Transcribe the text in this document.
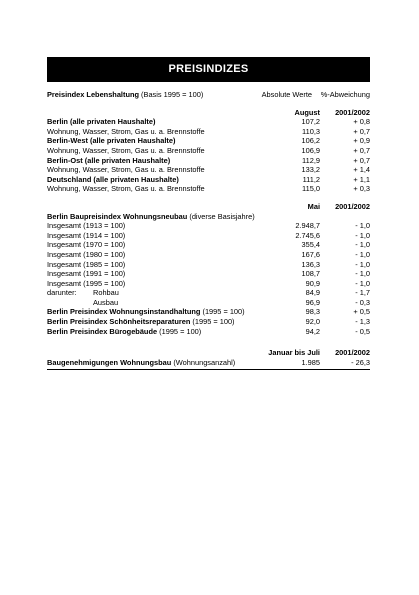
PREISINDIZES
Preisindex Lebenshaltung (Basis 1995 = 100)	Absolute Werte	%-Abweichung
August	2001/2002
Berlin (alle privaten Haushalte)	107,2	+ 0,8
Wohnung, Wasser, Strom, Gas u. a. Brennstoffe	110,3	+ 0,7
Berlin-West (alle privaten Haushalte)	106,2	+ 0,9
Wohnung, Wasser, Strom, Gas u. a. Brennstoffe	106,9	+ 0,7
Berlin-Ost (alle privaten Haushalte)	112,9	+ 0,7
Wohnung, Wasser, Strom, Gas u. a. Brennstoffe	133,2	+ 1,4
Deutschland (alle privaten Haushalte)	111,2	+ 1,1
Wohnung, Wasser, Strom, Gas u. a. Brennstoffe	115,0	+ 0,3
Mai	2001/2002
Berlin Baupreisindex Wohnungsneubau (diverse Basisjahre)
Insgesamt (1913 = 100)	2.948,7	- 1,0
Insgesamt (1914 = 100)	2.745,6	- 1,0
Insgesamt (1970 = 100)	355,4	- 1,0
Insgesamt (1980 = 100)	167,6	- 1,0
Insgesamt (1985 = 100)	136,3	- 1,0
Insgesamt (1991 = 100)	108,7	- 1,0
Insgesamt (1995 = 100)	90,9	- 1,0
darunter: Rohbau	84,9	- 1,7
Ausbau	96,9	- 0,3
Berlin Preisindex Wohnungsinstandhaltung (1995 = 100)	98,3	+ 0,5
Berlin Preisindex Schönheitsreparaturen (1995 = 100)	92,0	- 1,3
Berlin Preisindex Bürogebäude (1995 = 100)	94,2	- 0,5
Januar bis Juli	2001/2002
Baugenehmigungen Wohnungsbau (Wohnungsanzahl)	1.985	- 26,3
